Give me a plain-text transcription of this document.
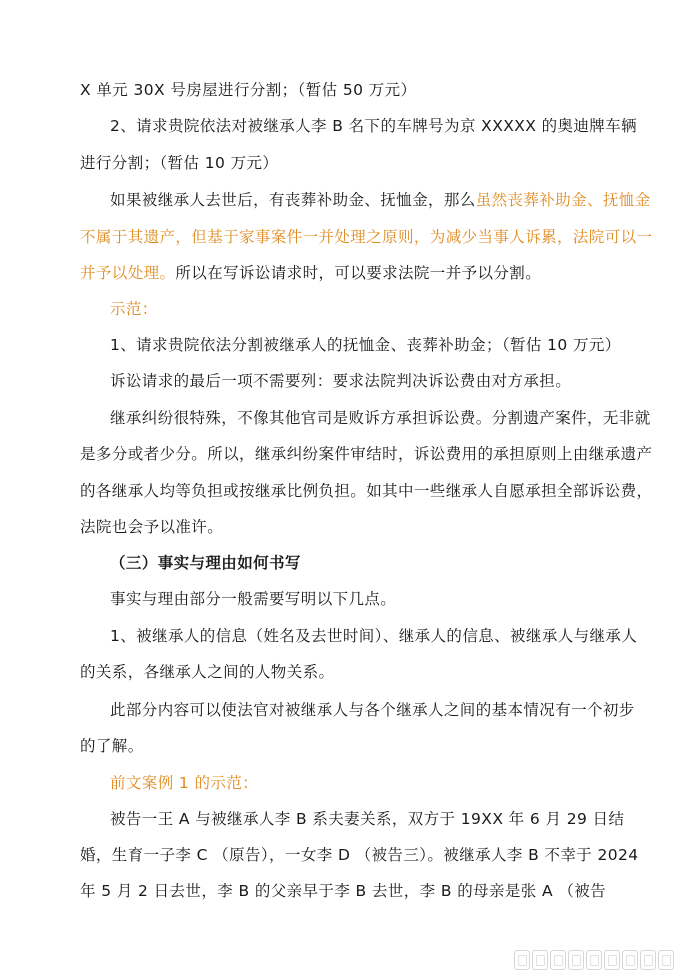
X 单元 30X 号房屋进行分割；（暂估 50 万元）
2、请求贵院依法对被继承人李 B 名下的车牌号为京 XXXXX 的奥迪牌车辆
进行分割；（暂估 10 万元）
如果被继承人去世后，有丧葬补助金、抚恤金，那么虽然丧葬补助金、抚恤金
不属于其遗产，但基于家事案件一并处理之原则，为减少当事人诉累，法院可以一
并予以处理。所以在写诉讼请求时，可以要求法院一并予以分割。
示范：
1、请求贵院依法分割被继承人的抚恤金、丧葬补助金；（暂估 10 万元）
诉讼请求的最后一项不需要列：要求法院判决诉讼费由对方承担。
继承纠纷很特殊，不像其他官司是败诉方承担诉讼费。分割遗产案件，无非就
是多分或者少分。所以，继承纠纷案件审结时，诉讼费用的承担原则上由继承遗产
的各继承人均等负担或按继承比例负担。如其中一些继承人自愿承担全部诉讼费，
法院也会予以准许。
（三）事实与理由如何书写
事实与理由部分一般需要写明以下几点。
1、被继承人的信息（姓名及去世时间）、继承人的信息、被继承人与继承人
的关系，各继承人之间的人物关系。
此部分内容可以使法官对被继承人与各个继承人之间的基本情况有一个初步
的了解。
前文案例 1 的示范：
被告一王 A 与被继承人李 B 系夫妻关系，双方于 19XX 年 6 月 29 日结
婚，生育一子李 C （原告），一女李 D （被告三）。被继承人李 B 不幸于 2024
年 5 月 2 日去世，李 B 的父亲早于李 B 去世，李 B 的母亲是张 A （被告
